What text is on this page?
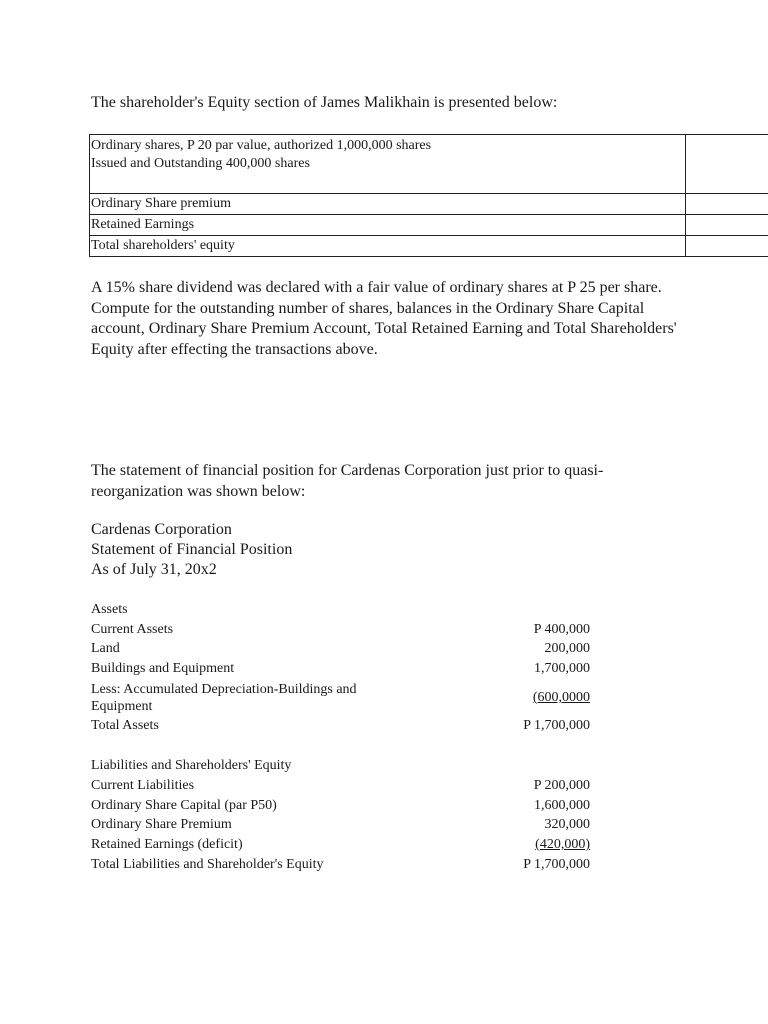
The shareholder's Equity section of James Malikhain is presented below:
Ordinary shares, P 20 par value, authorized 1,000,000 shares
Issued and Outstanding 400,000 shares	

Ordinary Share premium	
Retained Earnings	
Total shareholders' equity	
A 15% share dividend was declared with a fair value of ordinary shares at P 25 per share. Compute for the outstanding number of shares, balances in the Ordinary Share Capital account, Ordinary Share Premium Account, Total Retained Earning and Total Shareholders' Equity after effecting the transactions above.
The statement of financial position for Cardenas Corporation just prior to quasi-reorganization was shown below:
Cardenas Corporation
Statement of Financial Position
As of July 31, 20x2
Assets
Current Assets	P 400,000
Land	200,000
Buildings and Equipment	1,700,000
Less: Accumulated Depreciation-Buildings and Equipment
(600,0000
Total Assets	P 1,700,000
Liabilities and Shareholders' Equity
Current Liabilities	P 200,000
Ordinary Share Capital (par P50)	1,600,000
Ordinary Share Premium	320,000
Retained Earnings (deficit)	(420,000)
Total Liabilities and Shareholder's Equity	P 1,700,000
